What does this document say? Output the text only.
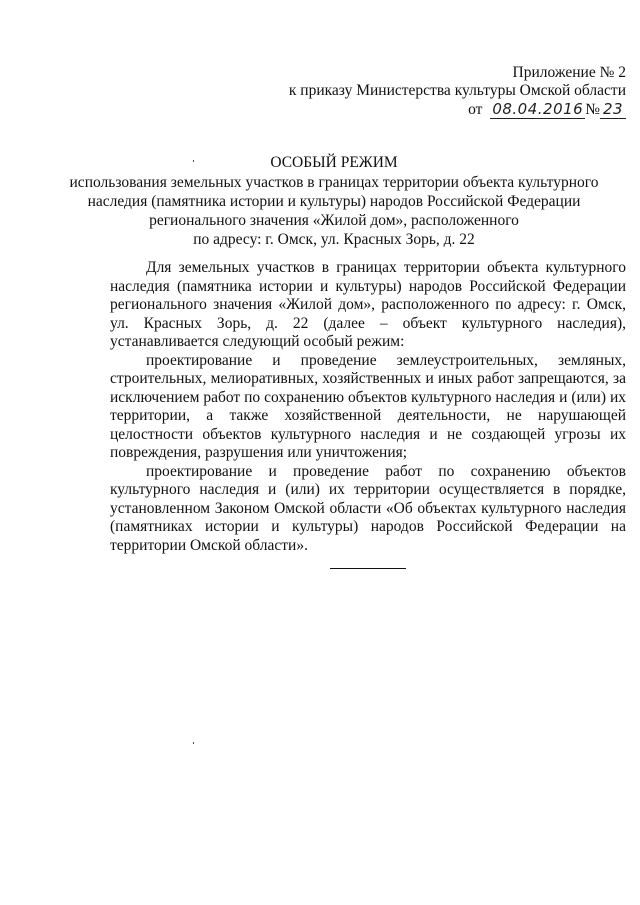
Приложение № 2
к приказу Министерства культуры Омской области
от 08.04.2016 № 23
ОСОБЫЙ РЕЖИМ
использования земельных участков в границах территории объекта культурного
наследия (памятника истории и культуры) народов Российской Федерации
регионального значения «Жилой дом», расположенного
по адресу: г. Омск, ул. Красных Зорь, д. 22

Для земельных участков в границах территории объекта культурного наследия (памятника истории и культуры) народов Российской Федерации регионального значения «Жилой дом», расположенного по адресу: г. Омск, ул. Красных Зорь, д. 22 (далее – объект культурного наследия), устанавливается следующий особый режим:

проектирование и проведение землеустроительных, земляных, строительных, мелиоративных, хозяйственных и иных работ запрещаются, за исключением работ по сохранению объектов культурного наследия и (или) их территории, а также хозяйственной деятельности, не нарушающей целостности объектов культурного наследия и не создающей угрозы их повреждения, разрушения или уничтожения;

проектирование и проведение работ по сохранению объектов культурного наследия и (или) их территории осуществляется в порядке, установленном Законом Омской области «Об объектах культурного наследия (памятниках истории и культуры) народов Российской Федерации на территории Омской области».
